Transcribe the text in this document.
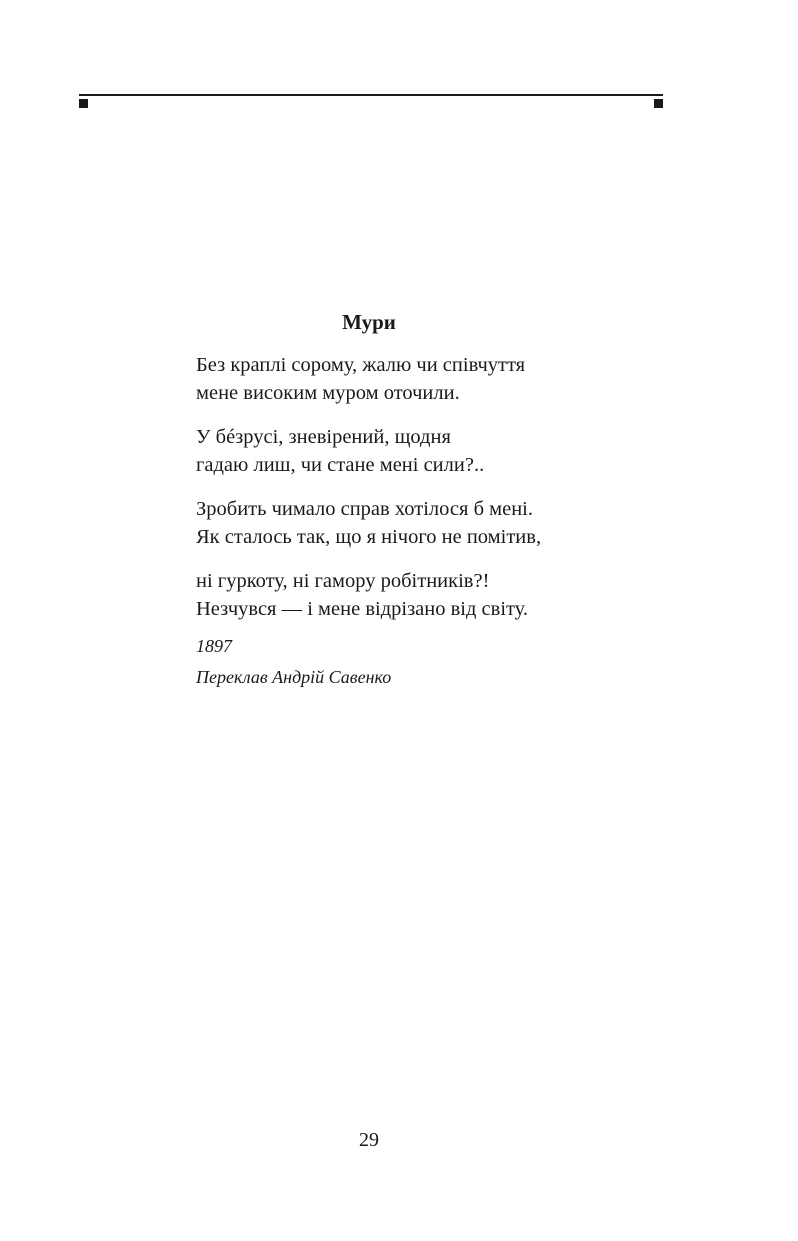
Мури

Без краплі сорому, жалю чи співчуття
мене високим муром оточили.

У бéзрусі, зневірений, щодня
гадаю лиш, чи стане мені сили?..

Зробить чимало справ хотілося б мені.
Як сталось так, що я нічого не помітив,

ні гуркоту, ні гамору робітників?!
Незчувся — і мене відрізано від світу.

1897
Переклав Андрій Савенко
29
